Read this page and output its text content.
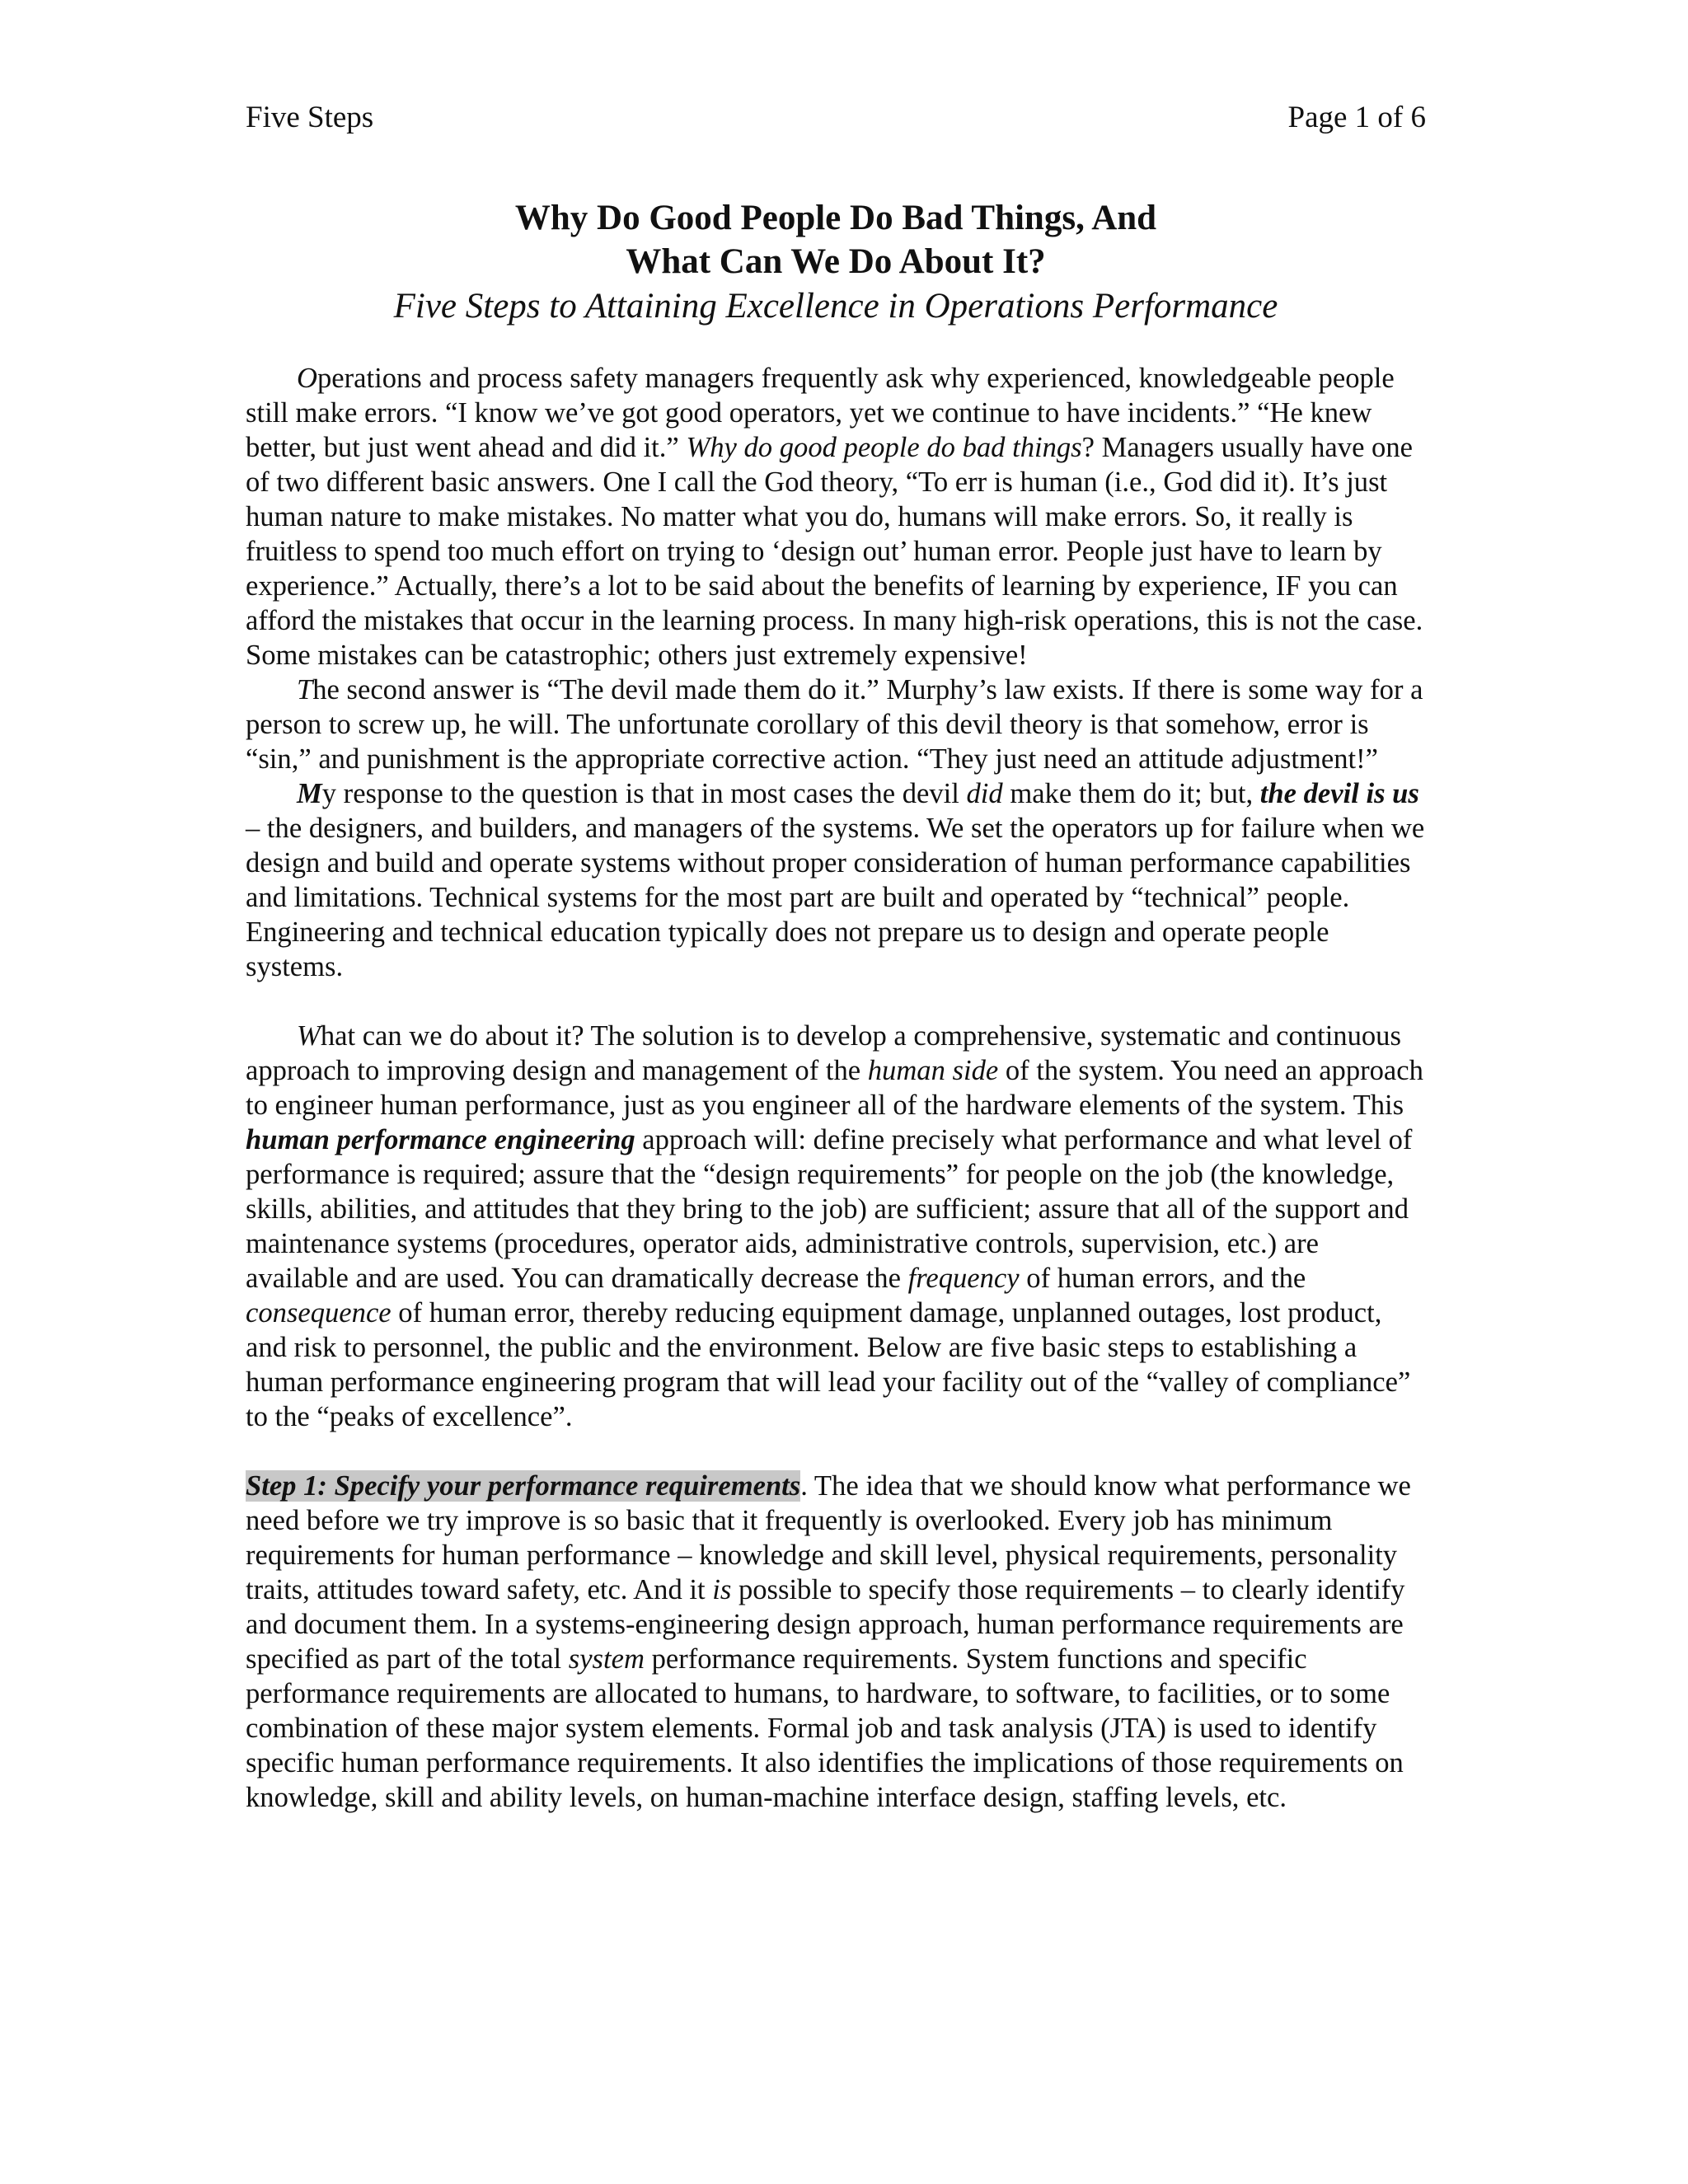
Five Steps	Page 1 of 6

Why Do Good People Do Bad Things, And

What Can We Do About It?

Five Steps to Attaining Excellence in Operations Performance

Operations and process safety managers frequently ask why experienced, knowledgeable people still make errors. “I know we’ve got good operators, yet we continue to have incidents.” “He knew better, but just went ahead and did it.” Why do good people do bad things? Managers usually have one of two different basic answers. One I call the God theory, “To err is human (i.e., God did it). It’s just human nature to make mistakes. No matter what you do, humans will make errors. So, it really is fruitless to spend too much effort on trying to ‘design out’ human error. People just have to learn by experience.” Actually, there’s a lot to be said about the benefits of learning by experience, IF you can afford the mistakes that occur in the learning process. In many high-risk operations, this is not the case. Some mistakes can be catastrophic; others just extremely expensive!

The second answer is “The devil made them do it.” Murphy’s law exists. If there is some way for a person to screw up, he will. The unfortunate corollary of this devil theory is that somehow, error is “sin,” and punishment is the appropriate corrective action. “They just need an attitude adjustment!”

My response to the question is that in most cases the devil did make them do it; but, the devil is us – the designers, and builders, and managers of the systems. We set the operators up for failure when we design and build and operate systems without proper consideration of human performance capabilities and limitations. Technical systems for the most part are built and operated by “technical” people. Engineering and technical education typically does not prepare us to design and operate people systems.

What can we do about it? The solution is to develop a comprehensive, systematic and continuous approach to improving design and management of the human side of the system. You need an approach to engineer human performance, just as you engineer all of the hardware elements of the system. This human performance engineering approach will: define precisely what performance and what level of performance is required; assure that the “design requirements” for people on the job (the knowledge, skills, abilities, and attitudes that they bring to the job) are sufficient; assure that all of the support and maintenance systems (procedures, operator aids, administrative controls, supervision, etc.) are available and are used. You can dramatically decrease the frequency of human errors, and the consequence of human error, thereby reducing equipment damage, unplanned outages, lost product, and risk to personnel, the public and the environment. Below are five basic steps to establishing a human performance engineering program that will lead your facility out of the “valley of compliance” to the “peaks of excellence”.

Step 1: Specify your performance requirements. The idea that we should know what performance we need before we try improve is so basic that it frequently is overlooked. Every job has minimum requirements for human performance – knowledge and skill level, physical requirements, personality traits, attitudes toward safety, etc. And it is possible to specify those requirements – to clearly identify and document them. In a systems-engineering design approach, human performance requirements are specified as part of the total system performance requirements. System functions and specific performance requirements are allocated to humans, to hardware, to software, to facilities, or to some combination of these major system elements. Formal job and task analysis (JTA) is used to identify specific human performance requirements. It also identifies the implications of those requirements on knowledge, skill and ability levels, on human-machine interface design, staffing levels, etc.
